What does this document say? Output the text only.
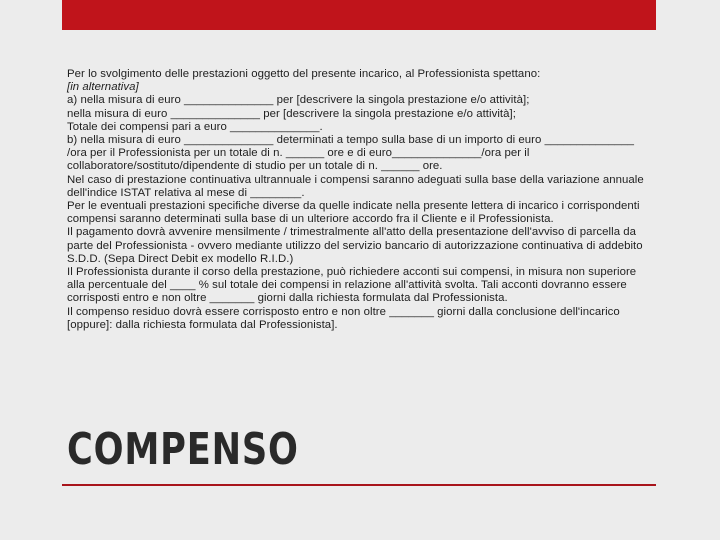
Per lo svolgimento delle prestazioni oggetto del presente incarico, al Professionista spettano:

[in alternativa]

a) nella misura di euro ______________ per [descrivere la singola prestazione e/o attività];

nella misura di euro ______________ per [descrivere la singola prestazione e/o attività];

Totale dei compensi pari a euro ______________.

b) nella misura di euro ______________ determinati a tempo sulla base di un importo di euro ______________ /ora per il Professionista per un totale di n. ______ ore e di euro______________/ora per il collaboratore/sostituto/dipendente di studio per un totale di n. ______ ore.

Nel caso di prestazione continuativa ultrannuale i compensi saranno adeguati sulla base della variazione annuale dell'indice ISTAT relativa al mese di ________.

Per le eventuali prestazioni specifiche diverse da quelle indicate nella presente lettera di incarico i corrispondenti compensi saranno determinati sulla base di un ulteriore accordo fra il Cliente e il Professionista.

Il pagamento dovrà avvenire mensilmente / trimestralmente all'atto della presentazione dell'avviso di parcella da parte del Professionista - ovvero mediante utilizzo del servizio bancario di autorizzazione continuativa di addebito S.D.D. (Sepa Direct Debit ex modello R.I.D.)

Il Professionista durante il corso della prestazione, può richiedere acconti sui compensi, in misura non superiore alla percentuale del ____ % sul totale dei compensi in relazione all'attività svolta. Tali acconti dovranno essere corrisposti entro e non oltre _______ giorni dalla richiesta formulata dal Professionista.

Il compenso residuo dovrà essere corrisposto entro e non oltre _______ giorni dalla conclusione dell'incarico [oppure]: dalla richiesta formulata dal Professionista].

COMPENSO
